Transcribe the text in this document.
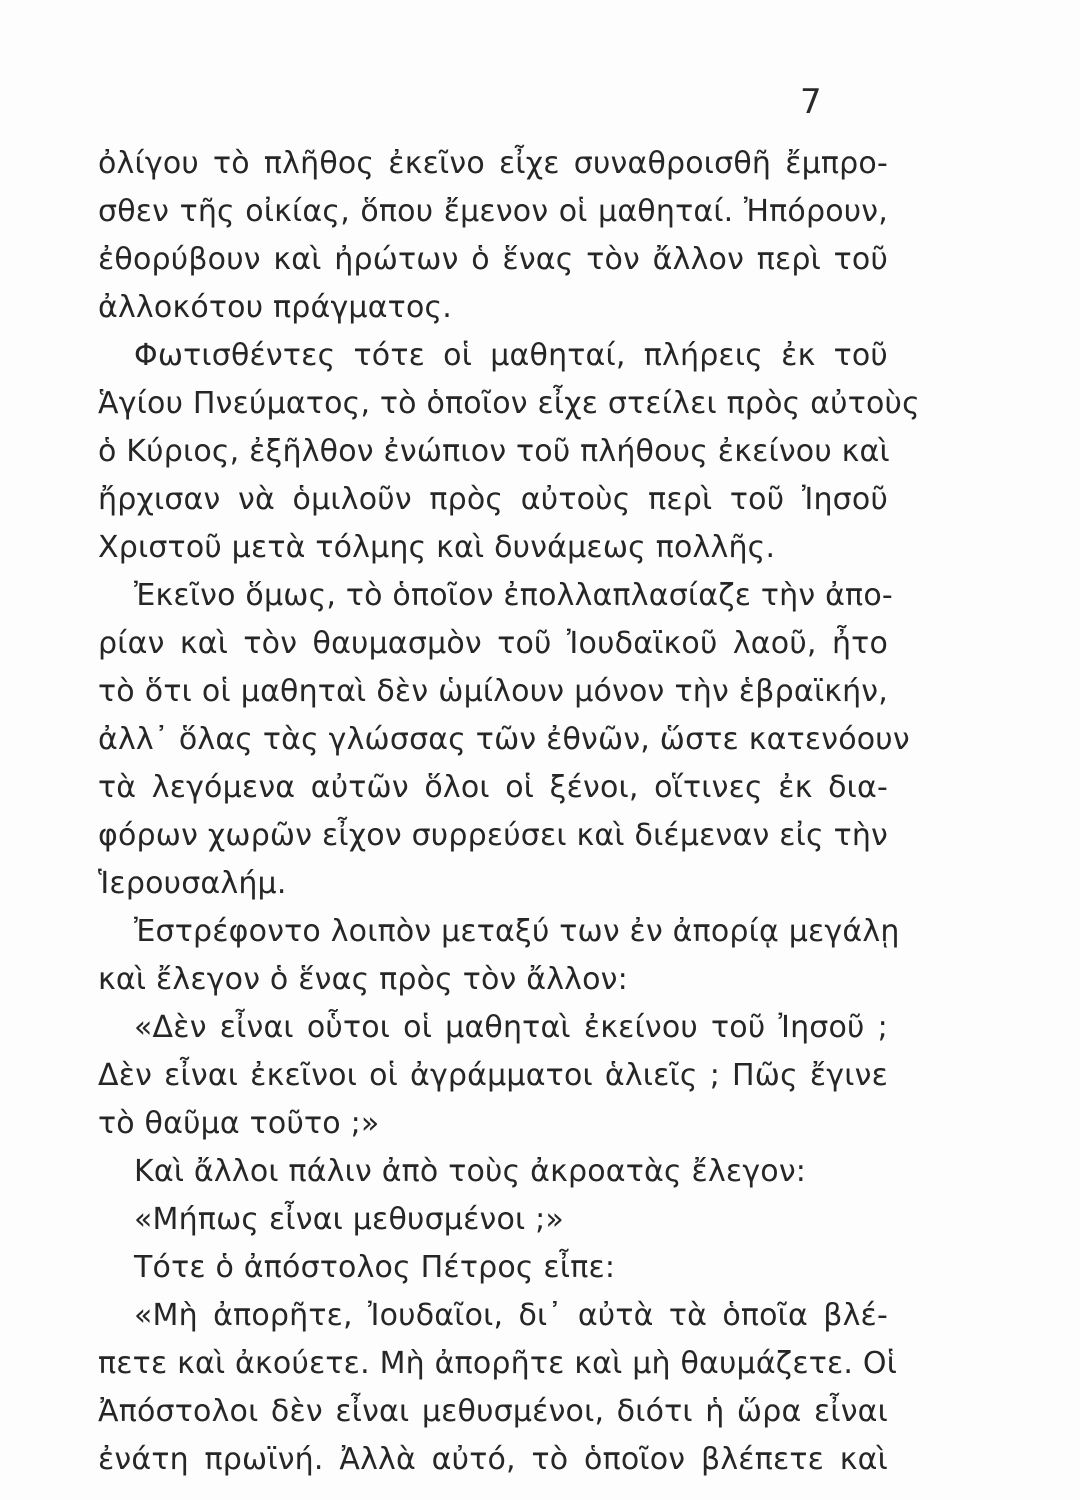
7
ὀλίγου τὸ πλῆθος ἐκεῖνο εἶχε συναθροισθῆ ἔμπρο-
σθεν τῆς οἰκίας, ὅπου ἔμενον οἱ μαθηταί. Ἠπόρουν,
ἐθορύβουν καὶ ἠρώτων ὁ ἕνας τὸν ἄλλον περὶ τοῦ
ἀλλοκότου πράγματος.
Φωτισθέντες τότε οἱ μαθηταί, πλήρεις ἐκ τοῦ
Ἁγίου Πνεύματος, τὸ ὁποῖον εἶχε στείλει πρὸς αὐτοὺς
ὁ Κύριος, ἐξῆλθον ἐνώπιον τοῦ πλήθους ἐκείνου καὶ
ἤρχισαν νὰ ὁμιλοῦν πρὸς αὐτοὺς περὶ τοῦ Ἰησοῦ
Χριστοῦ μετὰ τόλμης καὶ δυνάμεως πολλῆς.
Ἐκεῖνο ὅμως, τὸ ὁποῖον ἐπολλαπλασίαζε τὴν ἀπο-
ρίαν καὶ τὸν θαυμασμὸν τοῦ Ἰουδαϊκοῦ λαοῦ, ἦτο
τὸ ὅτι οἱ μαθηταὶ δὲν ὡμίλουν μόνον τὴν ἑβραϊκήν,
ἀλλ᾽ ὅλας τὰς γλώσσας τῶν ἐθνῶν, ὥστε κατενόουν
τὰ λεγόμενα αὐτῶν ὅλοι οἱ ξένοι, οἵτινες ἐκ δια-
φόρων χωρῶν εἶχον συρρεύσει καὶ διέμεναν εἰς τὴν
Ἱερουσαλήμ.
Ἐστρέφοντο λοιπὸν μεταξύ των ἐν ἀπορίᾳ μεγάλῃ
καὶ ἔλεγον ὁ ἕνας πρὸς τὸν ἄλλον:
«Δὲν εἶναι οὗτοι οἱ μαθηταὶ ἐκείνου τοῦ Ἰησοῦ ;
Δὲν εἶναι ἐκεῖνοι οἱ ἀγράμματοι ἁλιεῖς ; Πῶς ἔγινε
τὸ θαῦμα τοῦτο ;»
Καὶ ἄλλοι πάλιν ἀπὸ τοὺς ἀκροατὰς ἔλεγον:
«Μήπως εἶναι μεθυσμένοι ;»
Τότε ὁ ἀπόστολος Πέτρος εἶπε:
«Μὴ ἀπορῆτε, Ἰουδαῖοι, δι᾽ αὐτὰ τὰ ὁποῖα βλέ-
πετε καὶ ἀκούετε. Μὴ ἀπορῆτε καὶ μὴ θαυμάζετε. Οἱ
Ἀπόστολοι δὲν εἶναι μεθυσμένοι, διότι ἡ ὥρα εἶναι
ἐνάτη πρωϊνή. Ἀλλὰ αὐτό, τὸ ὁποῖον βλέπετε καὶ
